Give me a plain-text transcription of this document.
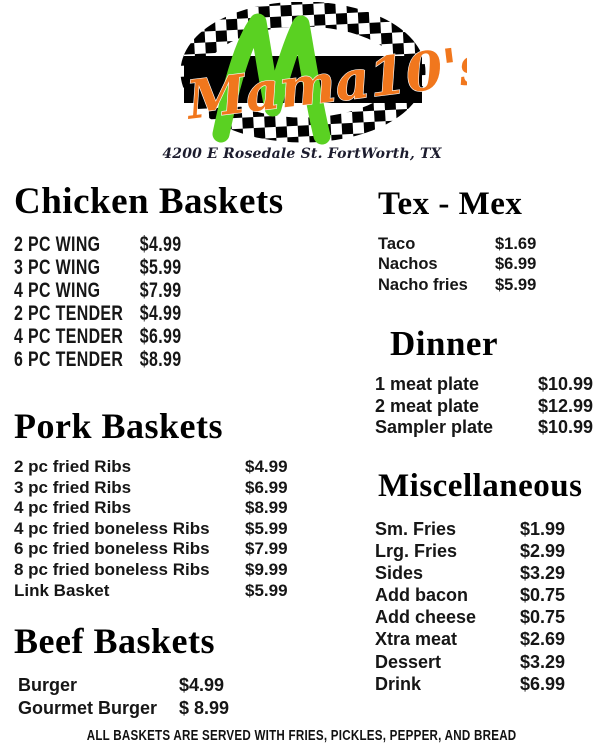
Mama10's
4200 E Rosedale St. FortWorth, TX
Chicken Baskets
2 PC WING	$4.99
3 PC WING	$5.99
4 PC WING	$7.99
2 PC TENDER $4.99
4 PC TENDER $6.99
6 PC TENDER $8.99
Pork Baskets
2 pc fried Ribs	$4.99
3 pc fried Ribs	$6.99
4 pc fried Ribs	$8.99
4 pc fried boneless Ribs	$5.99
6 pc fried boneless Ribs	$7.99
8 pc fried boneless Ribs	$9.99
Link Basket	$5.99
Beef Baskets
Burger	$4.99
Gourmet Burger	$ 8.99
Tex - Mex
Taco	$1.69
Nachos	$6.99
Nacho fries	$5.99
Dinner
1 meat plate	$10.99
2 meat plate	$12.99
Sampler plate	$10.99
Miscellaneous
Sm. Fries	$1.99
Lrg. Fries	$2.99
Sides	$3.29
Add bacon	$0.75
Add cheese	$0.75
Xtra meat	$2.69
Dessert	$3.29
Drink	$6.99
ALL BASKETS ARE SERVED WITH FRIES, PICKLES, PEPPER, AND BREAD
